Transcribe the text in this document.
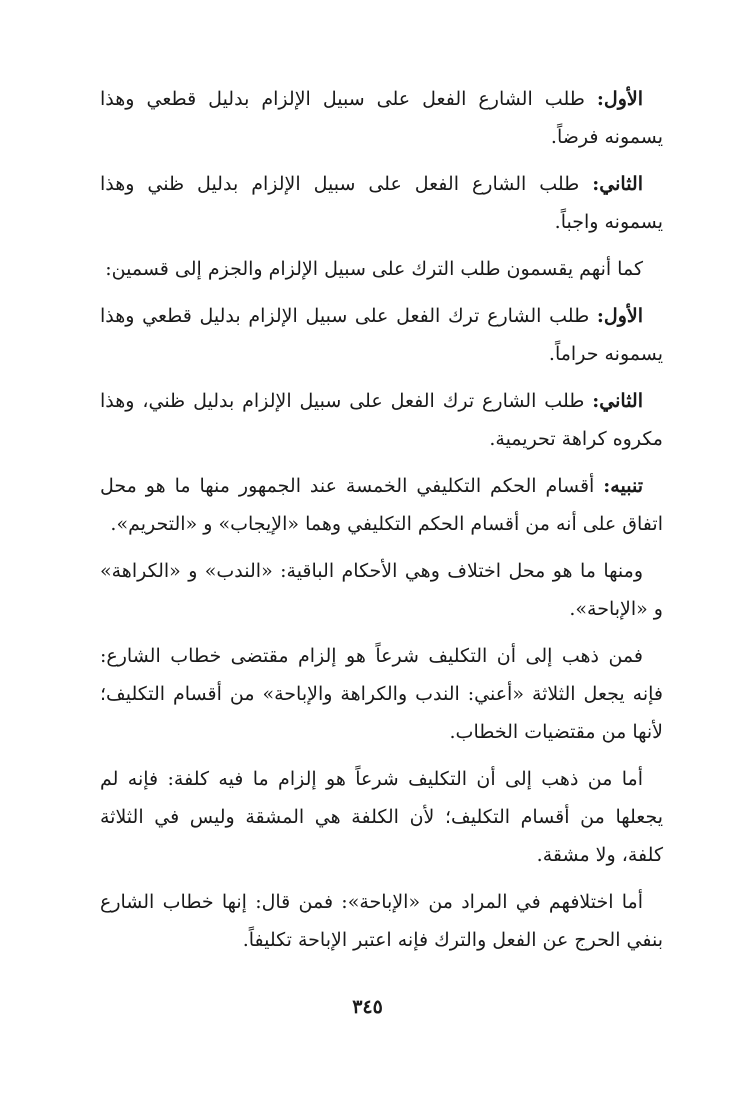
الأول: طلب الشارع الفعل على سبيل الإلزام بدليل قطعي وهذا يسمونه فرضاً.

الثاني: طلب الشارع الفعل على سبيل الإلزام بدليل ظني وهذا يسمونه واجباً.

كما أنهم يقسمون طلب الترك على سبيل الإلزام والجزم إلى قسمين:

الأول: طلب الشارع ترك الفعل على سبيل الإلزام بدليل قطعي وهذا يسمونه حراماً.

الثاني: طلب الشارع ترك الفعل على سبيل الإلزام بدليل ظني، وهذا مكروه كراهة تحريمية.

تنبيه: أقسام الحكم التكليفي الخمسة عند الجمهور منها ما هو محل اتفاق على أنه من أقسام الحكم التكليفي وهما «الإيجاب» و «التحريم».

ومنها ما هو محل اختلاف وهي الأحكام الباقية: «الندب» و «الكراهة» و «الإباحة».

فمن ذهب إلى أن التكليف شرعاً هو إلزام مقتضى خطاب الشارع: فإنه يجعل الثلاثة «أعني: الندب والكراهة والإباحة» من أقسام التكليف؛ لأنها من مقتضيات الخطاب.

أما من ذهب إلى أن التكليف شرعاً هو إلزام ما فيه كلفة: فإنه لم يجعلها من أقسام التكليف؛ لأن الكلفة هي المشقة وليس في الثلاثة كلفة، ولا مشقة.

أما اختلافهم في المراد من «الإباحة»: فمن قال: إنها خطاب الشارع بنفي الحرج عن الفعل والترك فإنه اعتبر الإباحة تكليفاً.

٣٤٥
